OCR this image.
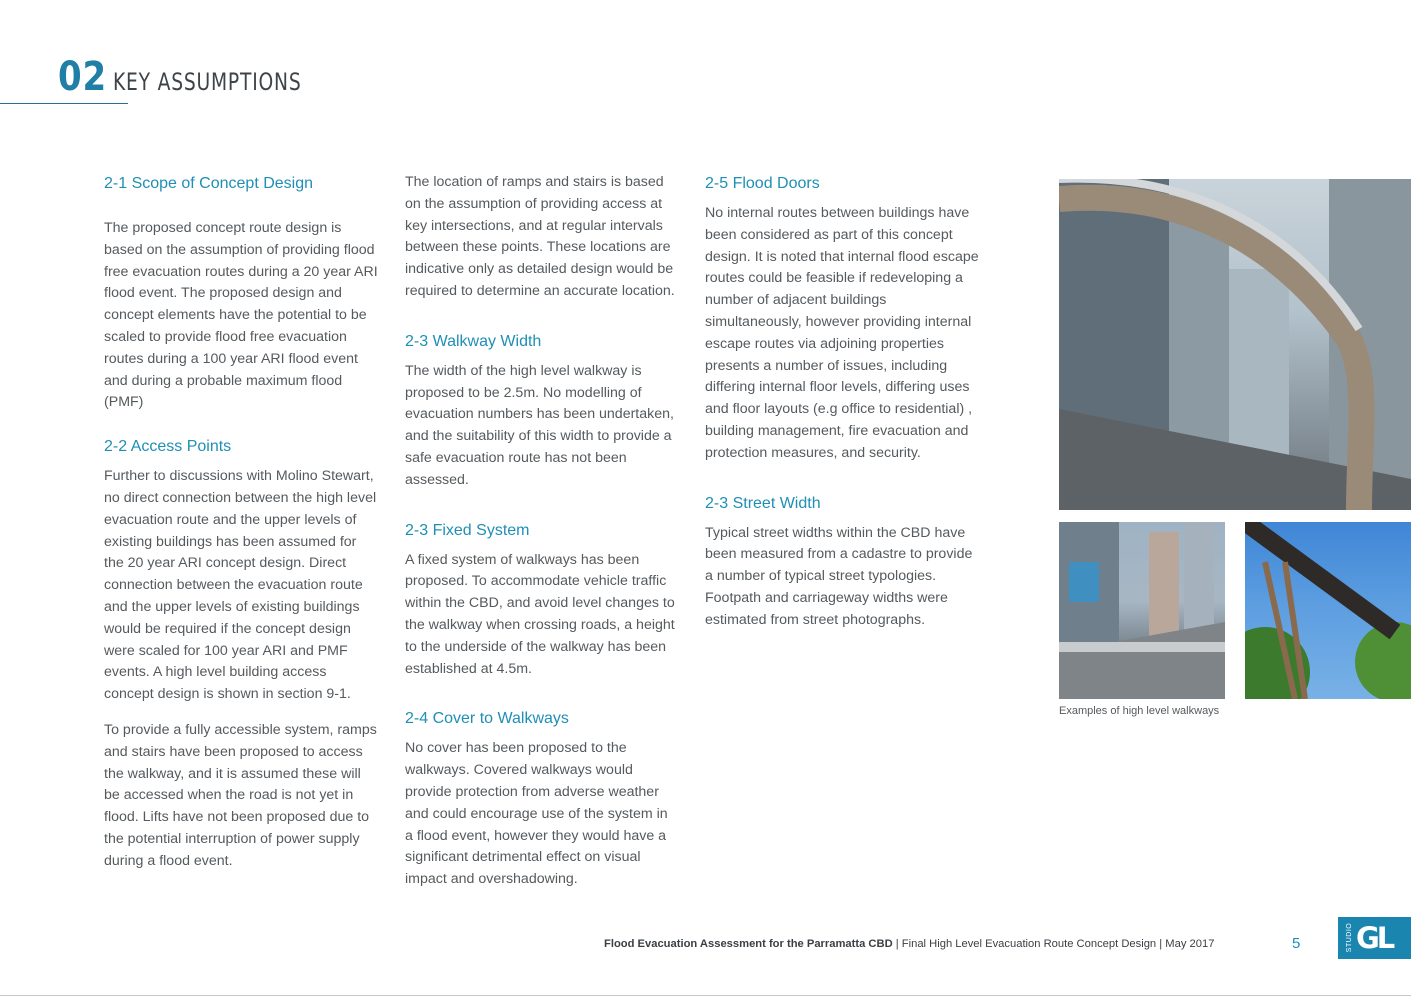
02 KEY ASSUMPTIONS
2-1 Scope of Concept Design

The proposed concept route design is based on the assumption of providing flood free evacuation routes during a 20 year ARI flood event. The proposed design and concept elements have the potential to be scaled to provide flood free evacuation routes during a 100 year ARI flood event and during a probable maximum flood (PMF)

2-2 Access Points

Further to discussions with Molino Stewart, no direct connection between the high level evacuation route and the upper levels of existing buildings has been assumed for the 20 year ARI concept design. Direct connection between the evacuation route and the upper levels of existing buildings would be required if the concept design were scaled for 100 year ARI and PMF events. A high level building access concept design is shown in section 9-1.

To provide a fully accessible system, ramps and stairs have been proposed to access the walkway, and it is assumed these will be accessed when the road is not yet in flood. Lifts have not been proposed due to the potential interruption of power supply during a flood event.

The location of ramps and stairs is based on the assumption of providing access at key intersections, and at regular intervals between these points. These locations are indicative only as detailed design would be required to determine an accurate location.

2-3 Walkway Width

The width of the high level walkway is proposed to be 2.5m. No modelling of evacuation numbers has been undertaken, and the suitability of this width to provide a safe evacuation route has not been assessed.

2-3 Fixed System

A fixed system of walkways has been proposed. To accommodate vehicle traffic within the CBD, and avoid level changes to the walkway when crossing roads, a height to the underside of the walkway has been established at 4.5m.

2-4 Cover to Walkways

No cover has been proposed to the walkways. Covered walkways would provide protection from adverse weather and could encourage use of the system in a flood event, however they would have a significant detrimental effect on visual impact and overshadowing.

2-5 Flood Doors

No internal routes between buildings have been considered as part of this concept design. It is noted that internal flood escape routes could be feasible if redeveloping a number of adjacent buildings simultaneously, however providing internal escape routes via adjoining properties presents a number of issues, including differing internal floor levels, differing uses and floor layouts (e.g office to residential) , building management, fire evacuation and protection measures, and security.

2-3 Street Width

Typical street widths within the CBD have been measured from a cadastre to provide a number of typical street typologies. Footpath and carriageway widths were estimated from street photographs.

Examples of high level walkways
Flood Evacuation Assessment for the Parramatta CBD | Final High Level Evacuation Route Concept Design | May 2017	5	STUDIO GL
